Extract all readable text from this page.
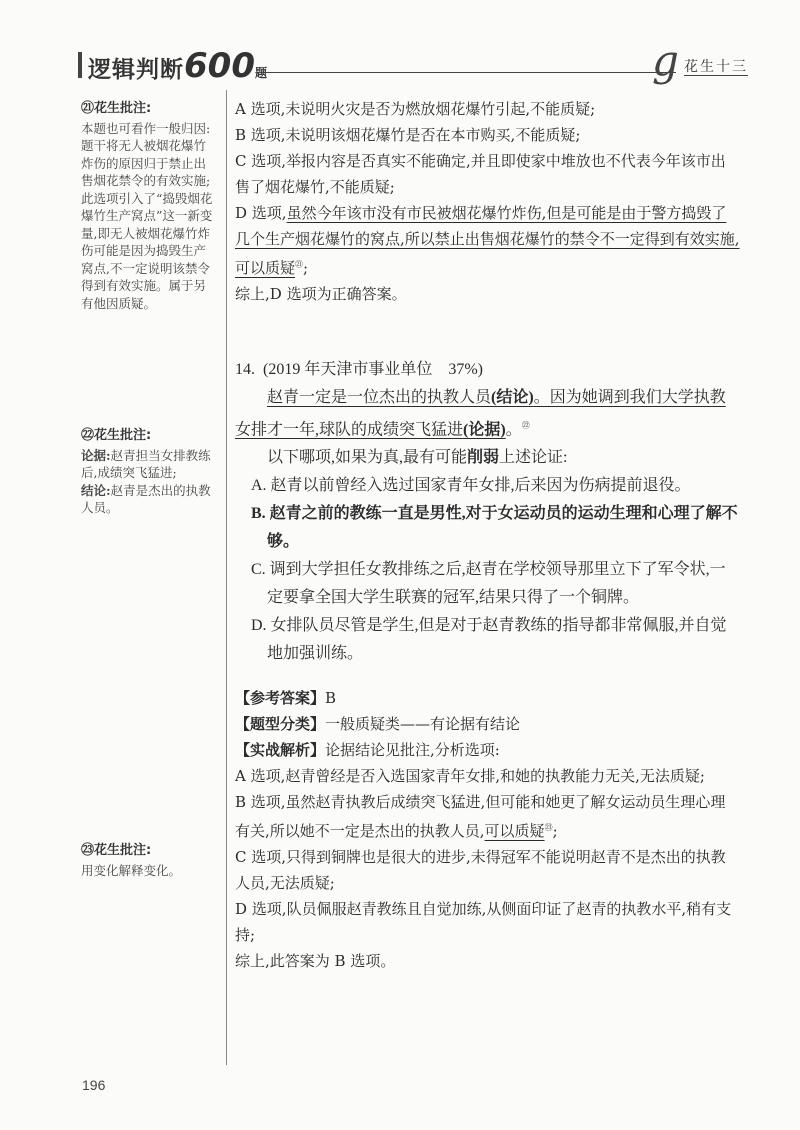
逻辑判断600题	g 花生十三
㉑花生批注:

本题也可看作一般归因:

题干将无人被烟花爆竹炸伤的原因归于禁止出售烟花禁令的有效实施;

此选项引入了“捣毁烟花爆竹生产窝点”这一新变量,即无人被烟花爆竹炸伤可能是因为捣毁生产窝点,不一定说明该禁令得到有效实施。属于另有他因质疑。

㉒花生批注:

论据:赵青担当女排教练后,成绩突飞猛进;

结论:赵青是杰出的执教人员。

㉓花生批注:

用变化解释变化。

A 选项,未说明火灾是否为燃放烟花爆竹引起,不能质疑;

B 选项,未说明该烟花爆竹是否在本市购买,不能质疑;

C 选项,举报内容是否真实不能确定,并且即使家中堆放也不代表今年该市出售了烟花爆竹,不能质疑;

D 选项,虽然今年该市没有市民被烟花爆竹炸伤,但是可能是由于警方捣毁了几个生产烟花爆竹的窝点,所以禁止出售烟花爆竹的禁令不一定得到有效实施,可以质疑$^㉑$;

综上,D 选项为正确答案。

14. (2019 年天津市事业单位　37%)

赵青一定是一位杰出的执教人员(结论)。因为她调到我们大学执教女排才一年,球队的成绩突飞猛进(论据)。$^㉒$

以下哪项,如果为真,最有可能削弱上述论证:

A. 赵青以前曾经入选过国家青年女排,后来因为伤病提前退役。

B. 赵青之前的教练一直是男性,对于女运动员的运动生理和心理了解不够。

C. 调到大学担任女教排练之后,赵青在学校领导那里立下了军令状,一定要拿全国大学生联赛的冠军,结果只得了一个铜牌。

D. 女排队员尽管是学生,但是对于赵青教练的指导都非常佩服,并自觉地加强训练。

【参考答案】B

【题型分类】一般质疑类——有论据有结论

【实战解析】论据结论见批注,分析选项:

A 选项,赵青曾经是否入选国家青年女排,和她的执教能力无关,无法质疑;

B 选项,虽然赵青执教后成绩突飞猛进,但可能和她更了解女运动员生理心理有关,所以她不一定是杰出的执教人员,可以质疑$^㉓$;

C 选项,只得到铜牌也是很大的进步,未得冠军不能说明赵青不是杰出的执教人员,无法质疑;

D 选项,队员佩服赵青教练且自觉加练,从侧面印证了赵青的执教水平,稍有支持;

综上,此答案为 B 选项。

196
